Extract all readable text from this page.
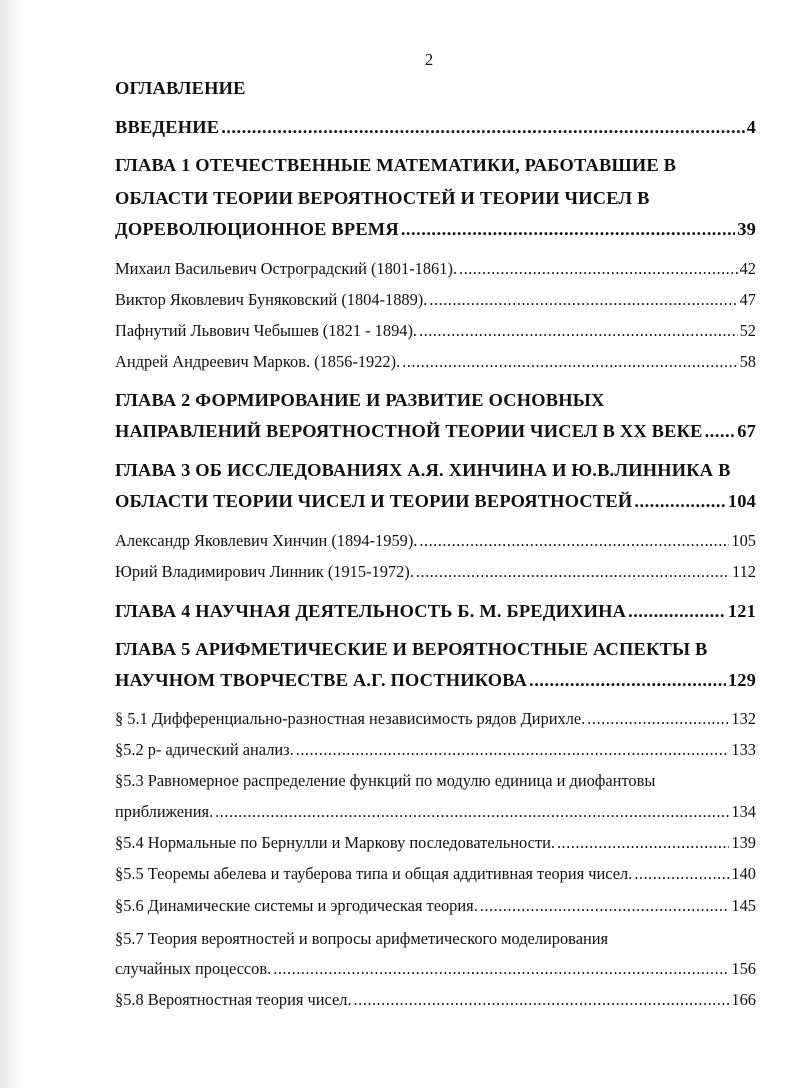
2
ОГЛАВЛЕНИЕ
ВВЕДЕНИЕ .....	4
ГЛАВА 1 ОТЕЧЕСТВЕННЫЕ МАТЕМАТИКИ, РАБОТАВШИЕ В
ОБЛАСТИ ТЕОРИИ ВЕРОЯТНОСТЕЙ И ТЕОРИИ ЧИСЕЛ В
ДОРЕВОЛЮЦИОННОЕ ВРЕМЯ .....	39
Михаил Васильевич Остроградский (1801-1861). .....	42
Виктор Яковлевич Буняковский (1804-1889). .....	47
Пафнутий Львович Чебышев (1821 - 1894). .....	52
Андрей Андреевич Марков. (1856-1922). .....	58
ГЛАВА 2 ФОРМИРОВАНИЕ И РАЗВИТИЕ ОСНОВНЫХ
НАПРАВЛЕНИЙ ВЕРОЯТНОСТНОЙ ТЕОРИИ ЧИСЕЛ В XX ВЕКЕ ..... 67
ГЛАВА 3 ОБ ИССЛЕДОВАНИЯХ А.Я. ХИНЧИНА И Ю.В.ЛИННИКА В
ОБЛАСТИ ТЕОРИИ ЧИСЕЛ И ТЕОРИИ ВЕРОЯТНОСТЕЙ .....	104
Александр Яковлевич Хинчин (1894-1959). .....	105
Юрий Владимирович Линник (1915-1972). .....	112
ГЛАВА 4 НАУЧНАЯ ДЕЯТЕЛЬНОСТЬ Б. М. БРЕДИХИНА .....	121
ГЛАВА 5 АРИФМЕТИЧЕСКИЕ И ВЕРОЯТНОСТНЫЕ АСПЕКТЫ В
НАУЧНОМ ТВОРЧЕСТВЕ А.Г. ПОСТНИКОВА .....	129
§ 5.1 Дифференциально-разностная независимость рядов Дирихле. .....	132
§5.2 р- адический анализ. .....	133
§5.3 Равномерное распределение функций по модулю единица и диофантовы
приближения. .....	134
§5.4 Нормальные по Бернулли и Маркову последовательности. .....	139
§5.5 Теоремы абелева и тауберова типа и общая аддитивная теория чисел. .....	140
§5.6 Динамические системы и эргодическая теория. .....	145
§5.7 Теория вероятностей и вопросы арифметического моделирования
случайных процессов. .....	156
§5.8 Вероятностная теория чисел. .....	166
